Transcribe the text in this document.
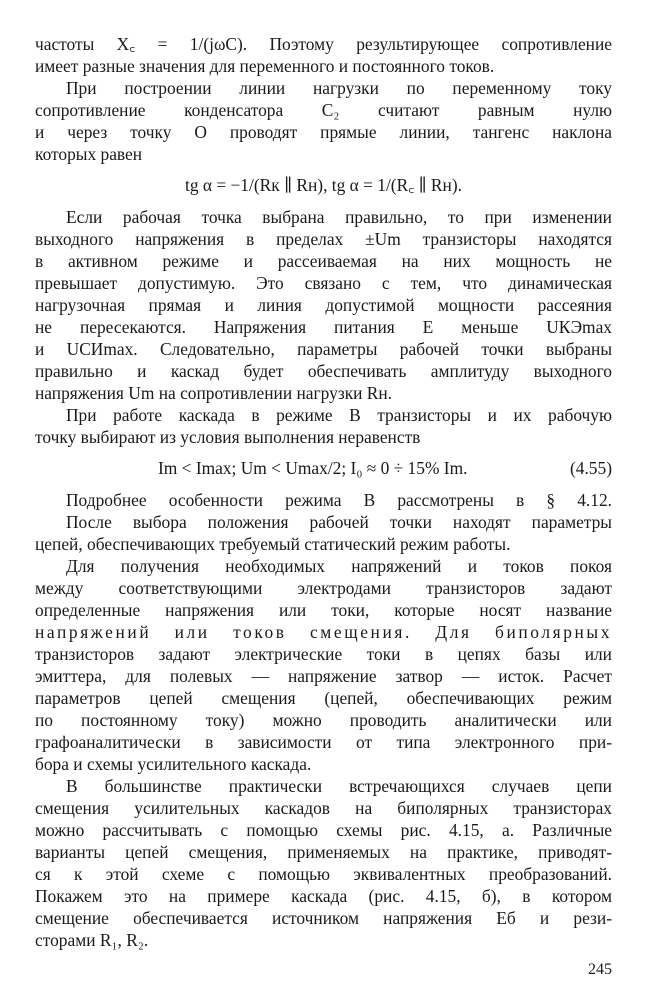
частоты X꜀ = 1/(jωC). Поэтому результирующее сопротивление
имеет разные значения для переменного и постоянного токов.
При построении линии нагрузки по переменному току
сопротивление конденсатора C₂ считают равным нулю
и через точку O проводят прямые линии, тангенс наклона
которых равен
tg α = −1/(Rк ∥ Rн), tg α = 1/(R꜀ ∥ Rн).
Если рабочая точка выбрана правильно, то при изменении
выходного напряжения в пределах ±Um транзисторы находятся
в активном режиме и рассеиваемая на них мощность не
превышает допустимую. Это связано с тем, что динамическая
нагрузочная прямая и линия допустимой мощности рассеяния
не пересекаются. Напряжения питания E меньше UКЭmax
и UСИmax. Следовательно, параметры рабочей точки выбраны
правильно и каскад будет обеспечивать амплитуду выходного
напряжения Um на сопротивлении нагрузки Rн.
При работе каскада в режиме B транзисторы и их рабочую
точку выбирают из условия выполнения неравенств
Im < Imax; Um < Umax/2; I₀ ≈ 0 ÷ 15% Im.	(4.55)
Подробнее особенности режима B рассмотрены в § 4.12.
После выбора положения рабочей точки находят параметры
цепей, обеспечивающих требуемый статический режим работы.
Для получения необходимых напряжений и токов покоя
между соответствующими электродами транзисторов задают
определенные напряжения или токи, которые носят название
напряжений или токов смещения. Для биполярных
транзисторов задают электрические токи в цепях базы или
эмиттера, для полевых — напряжение затвор — исток. Расчет
параметров цепей смещения (цепей, обеспечивающих режим
по постоянному току) можно проводить аналитически или
графоаналитически в зависимости от типа электронного при-
бора и схемы усилительного каскада.
В большинстве практически встречающихся случаев цепи
смещения усилительных каскадов на биполярных транзисторах
можно рассчитывать с помощью схемы рис. 4.15, а. Различные
варианты цепей смещения, применяемых на практике, приводят-
ся к этой схеме с помощью эквивалентных преобразований.
Покажем это на примере каскада (рис. 4.15, б), в котором
смещение обеспечивается источником напряжения Eб и рези-
сторами R₁, R₂.
245
